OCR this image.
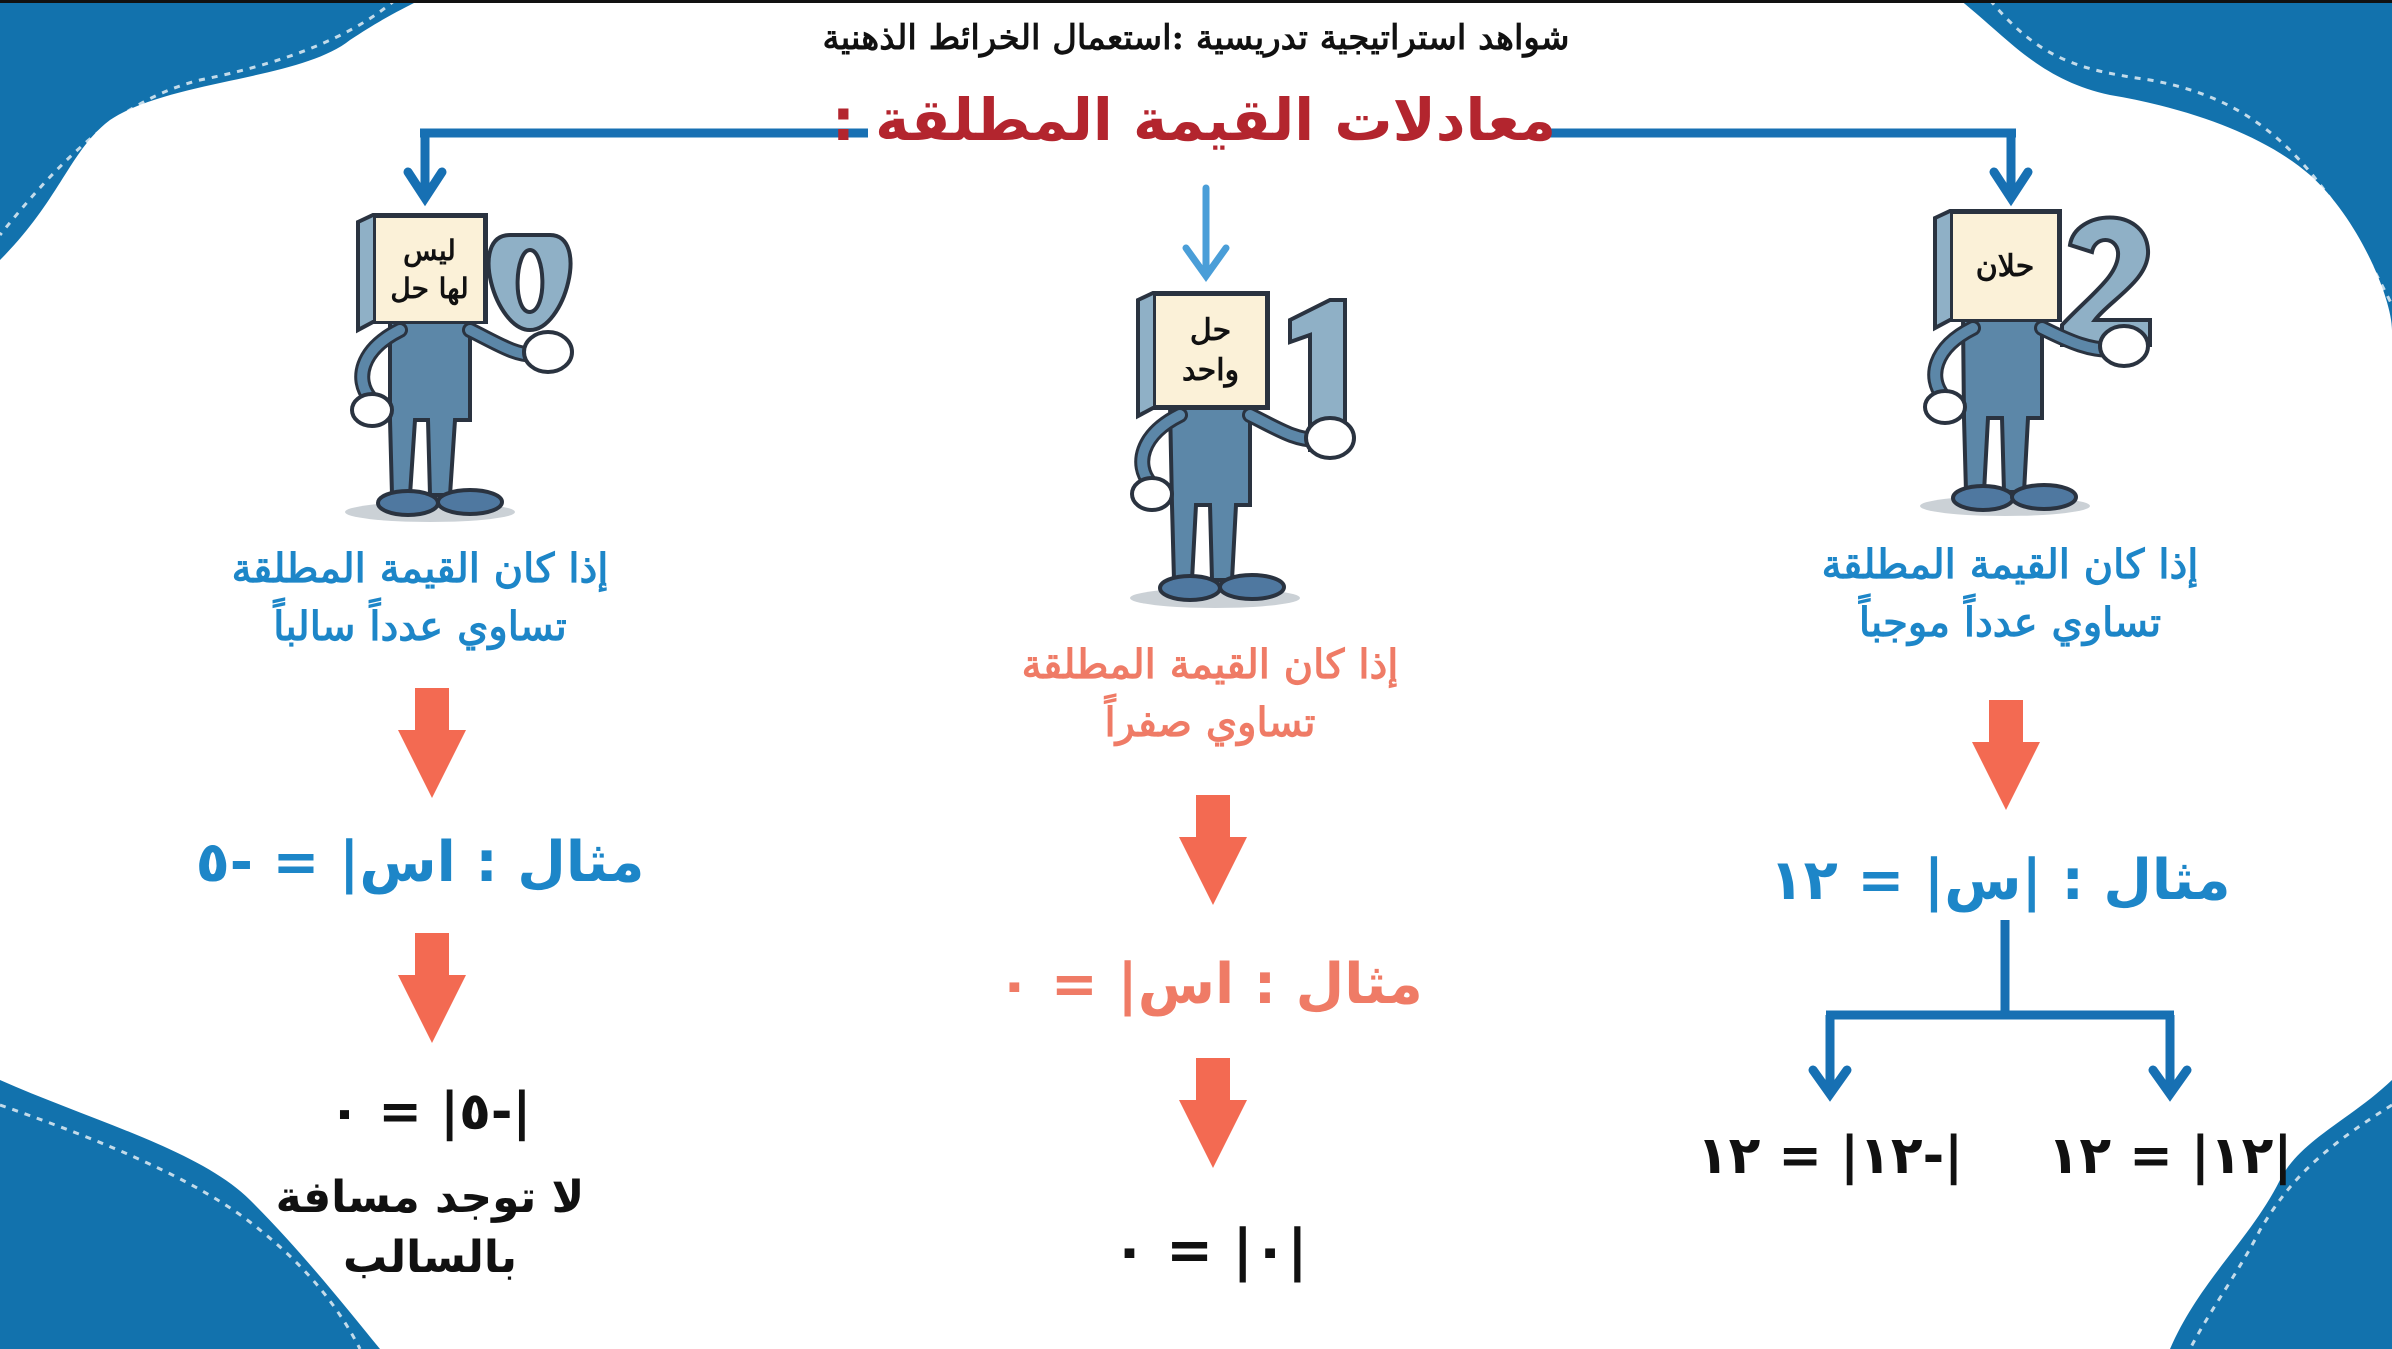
ليس
لها حل
حل
واحد
حلان
شواهد استراتيجية تدريسية :استعمال الخرائط الذهنية
معادلات القيمة المطلقة :
إذا كان القيمة المطلقة
تساوي عدداً سالباً
مثال : اس| = -٥
|-٥| = ٠
لا توجد مسافة
بالسالب
إذا كان القيمة المطلقة
تساوي صفراً
مثال : اس| = ٠
|٠| = ٠
إذا كان القيمة المطلقة
تساوي عدداً موجباً
مثال : |س| = ١٢
|١٢| = ١٢
|-١٢| = ١٢
